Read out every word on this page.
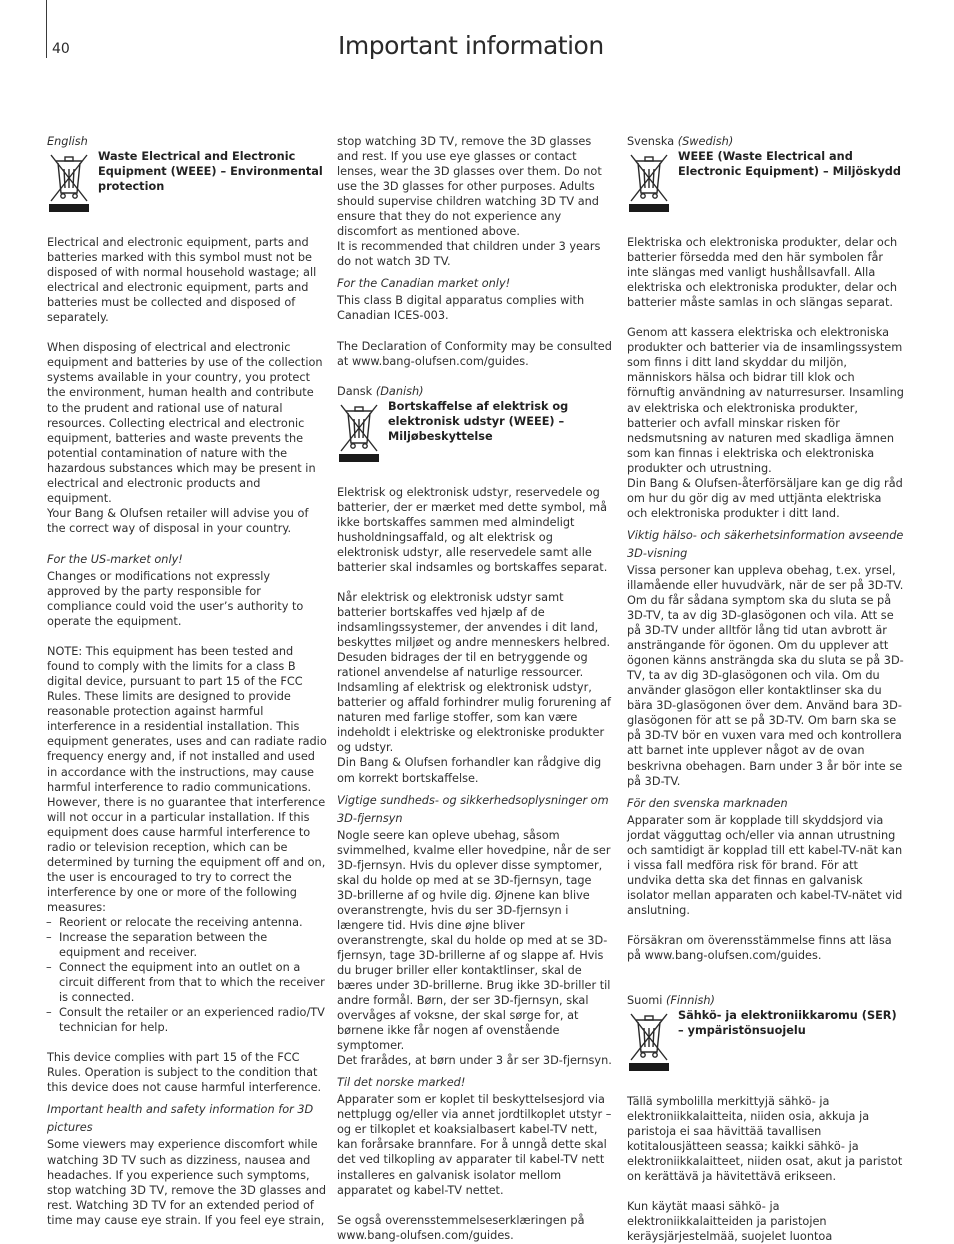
40	Important information

English

Waste Electrical and Electronic Equipment (WEEE) – Environmental protection

Electrical and electronic equipment, parts and batteries marked with this symbol must not be disposed of with normal household wastage; all electrical and electronic equipment, parts and batteries must be collected and disposed of separately.

When disposing of electrical and electronic equipment and batteries by use of the collection systems available in your country, you protect the environment, human health and contribute to the prudent and rational use of natural resources. Collecting electrical and electronic equipment, batteries and waste prevents the potential contamination of nature with the hazardous substances which may be present in electrical and electronic products and equipment.

Your Bang & Olufsen retailer will advise you of the correct way of disposal in your country.

For the US-market only!

Changes or modifications not expressly approved by the party responsible for compliance could void the user’s authority to operate the equipment.

NOTE: This equipment has been tested and found to comply with the limits for a class B digital device, pursuant to part 15 of the FCC Rules. These limits are designed to provide reasonable protection against harmful interference in a residential installation. This equipment generates, uses and can radiate radio frequency energy and, if not installed and used in accordance with the instructions, may cause harmful interference to radio communications. However, there is no guarantee that interference will not occur in a particular installation. If this equipment does cause harmful interference to radio or television reception, which can be determined by turning the equipment off and on, the user is encouraged to try to correct the interference by one or more of the following measures:

– Reorient or relocate the receiving antenna.

– Increase the separation between the equipment and receiver.

– Connect the equipment into an outlet on a circuit different from that to which the receiver is connected.

– Consult the retailer or an experienced radio/TV technician for help.

This device complies with part 15 of the FCC Rules. Operation is subject to the condition that this device does not cause harmful interference.

Important health and safety information for 3D pictures

Some viewers may experience discomfort while watching 3D TV such as dizziness, nausea and headaches. If you experience such symptoms, stop watching 3D TV, remove the 3D glasses and rest. Watching 3D TV for an extended period of time may cause eye strain. If you feel eye strain,

stop watching 3D TV, remove the 3D glasses and rest. If you use eye glasses or contact lenses, wear the 3D glasses over them. Do not use the 3D glasses for other purposes. Adults should supervise children watching 3D TV and ensure that they do not experience any discomfort as mentioned above.

It is recommended that children under 3 years do not watch 3D TV.

For the Canadian market only!

This class B digital apparatus complies with Canadian ICES-003.

The Declaration of Conformity may be consulted at www.bang-olufsen.com/guides.

Dansk (Danish)

Bortskaffelse af elektrisk og elektronisk udstyr (WEEE) – Miljøbeskyttelse

Elektrisk og elektronisk udstyr, reservedele og batterier, der er mærket med dette symbol, må ikke bortskaffes sammen med almindeligt husholdningsaffald, og alt elektrisk og elektronisk udstyr, alle reservedele samt alle batterier skal indsamles og bortskaffes separat.

Når elektrisk og elektronisk udstyr samt batterier bortskaffes ved hjælp af de indsamlingssystemer, der anvendes i dit land, beskyttes miljøet og andre menneskers helbred. Desuden bidrages der til en betryggende og rationel anvendelse af naturlige ressourcer. Indsamling af elektrisk og elektronisk udstyr, batterier og affald forhindrer mulig forurening af naturen med farlige stoffer, som kan være indeholdt i elektriske og elektroniske produkter og udstyr.

Din Bang & Olufsen forhandler kan rådgive dig om korrekt bortskaffelse.

Vigtige sundheds- og sikkerhedsoplysninger om 3D-fjernsyn

Nogle seere kan opleve ubehag, såsom svimmelhed, kvalme eller hovedpine, når de ser 3D-fjernsyn. Hvis du oplever disse symptomer, skal du holde op med at se 3D-fjernsyn, tage 3D-brillerne af og hvile dig. Øjnene kan blive overanstrengte, hvis du ser 3D-fjernsyn i længere tid. Hvis dine øjne bliver overanstrengte, skal du holde op med at se 3D-fjernsyn, tage 3D-brillerne af og slappe af. Hvis du bruger briller eller kontaktlinser, skal de bæres under 3D-brillerne. Brug ikke 3D-briller til andre formål. Børn, der ser 3D-fjernsyn, skal overvåges af voksne, der skal sørge for, at børnene ikke får nogen af ovenstående symptomer.

Det frarådes, at børn under 3 år ser 3D-fjernsyn.

Til det norske marked!

Apparater som er koplet til beskyttelsesjord via nettplugg og/eller via annet jordtilkoplet utstyr – og er tilkoplet et koaksialbasert kabel-TV nett, kan forårsake brannfare. For å unngå dette skal det ved tilkopling av apparater til kabel-TV nett installeres en galvanisk isolator mellom apparatet og kabel-TV nettet.

Se også overensstemmelseserklæringen på www.bang-olufsen.com/guides.

Svenska (Swedish)

WEEE (Waste Electrical and Electronic Equipment) – Miljöskydd

Elektriska och elektroniska produkter, delar och batterier försedda med den här symbolen får inte slängas med vanligt hushållsavfall. Alla elektriska och elektroniska produkter, delar och batterier måste samlas in och slängas separat.

Genom att kassera elektriska och elektroniska produkter och batterier via de insamlingssystem som finns i ditt land skyddar du miljön, människors hälsa och bidrar till klok och förnuftig användning av naturresurser. Insamling av elektriska och elektroniska produkter, batterier och avfall minskar risken för nedsmutsning av naturen med skadliga ämnen som kan finnas i elektriska och elektroniska produkter och utrustning.

Din Bang & Olufsen-återförsäljare kan ge dig råd om hur du gör dig av med uttjänta elektriska och elektroniska produkter i ditt land.

Viktig hälso- och säkerhetsinformation avseende 3D-visning

Vissa personer kan uppleva obehag, t.ex. yrsel, illamående eller huvudvärk, när de ser på 3D-TV. Om du får sådana symptom ska du sluta se på 3D-TV, ta av dig 3D-glasögonen och vila. Att se på 3D-TV under alltför lång tid utan avbrott är ansträngande för ögonen. Om du upplever att ögonen känns ansträngda ska du sluta se på 3D-TV, ta av dig 3D-glasögonen och vila. Om du använder glasögon eller kontaktlinser ska du bära 3D-glasögonen över dem. Använd bara 3D-glasögonen för att se på 3D-TV. Om barn ska se på 3D-TV bör en vuxen vara med och kontrollera att barnet inte upplever något av de ovan beskrivna obehagen. Barn under 3 år bör inte se på 3D-TV.

För den svenska marknaden

Apparater som är kopplade till skyddsjord via jordat vägguttag och/eller via annan utrustning och samtidigt är kopplad till ett kabel-TV-nät kan i vissa fall medföra risk för brand. För att undvika detta ska det finnas en galvanisk isolator mellan apparaten och kabel-TV-nätet vid anslutning.

Försäkran om överensstämmelse finns att läsa på www.bang-olufsen.com/guides.

Suomi (Finnish)

Sähkö- ja elektroniikkaromu (SER) – ympäristönsuojelu

Tällä symbolilla merkittyjä sähkö- ja elektroniikkalaitteita, niiden osia, akkuja ja paristoja ei saa hävittää tavallisen kotitalousjätteen seassa; kaikki sähkö- ja elektroniikkalaitteet, niiden osat, akut ja paristot on kerättävä ja hävitettävä erikseen.

Kun käytät maasi sähkö- ja elektroniikkalaitteiden ja paristojen keräysjärjestelmää, suojelet luontoa
